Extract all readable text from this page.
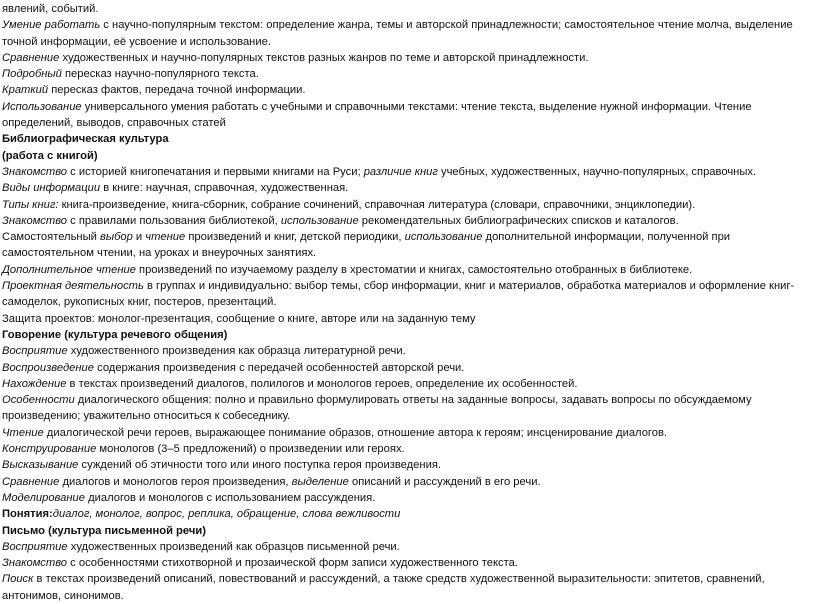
явлений, событий.

Умение работать с научно-популярным текстом: определение жанра, темы и авторской принадлежности; самостоятельное чтение молча, выделение точной информации, её усвоение и использование.

Сравнение художественных и научно-популярных текстов разных жанров по теме и авторской принадлежности.

Подробный пересказ научно-популярного текста.

Краткий пересказ фактов, передача точной информации.

Использование универсального умения работать с учебными и справочными текстами: чтение текста, выделение нужной информации. Чтение определений, выводов, справочных статей

Библиографическая культура

(работа с книгой)

Знакомство с историей книгопечатания и первыми книгами на Руси; различие книг учебных, художественных, научно-популярных, справочных.

Виды информации в книге: научная, справочная, художественная.

Типы книг: книга-произведение, книга-сборник, собрание сочинений, справочная литература (словари, справочники, энциклопедии).

Знакомство с правилами пользования библиотекой, использование рекомендательных библиографических списков и каталогов.

Самостоятельный выбор и чтение произведений и книг, детской периодики, использование дополнительной информации, полученной при самостоятельном чтении, на уроках и внеурочных занятиях.

Дополнительное чтение произведений по изучаемому разделу в хрестоматии и книгах, самостоятельно отобранных в библиотеке.

Проектная деятельность в группах и индивидуально: выбор темы, сбор информации, книг и материалов, обработка материалов и оформление книг-самоделок, рукописных книг, постеров, презентаций.

Защита проектов: монолог-презентация, сообщение о книге, авторе или на заданную тему

Говорение (культура речевого общения)

Восприятие художественного произведения как образца литературной речи.

Воспроизведение содержания произведения с передачей особенностей авторской речи.

Нахождение в текстах произведений диалогов, полилогов и монологов героев, определение их особенностей.

Особенности диалогического общения: полно и правильно формулировать ответы на заданные вопросы, задавать вопросы по обсуждаемому произведению; уважительно относиться к собеседнику.

Чтение диалогической речи героев, выражающее понимание образов, отношение автора к героям; инсценирование диалогов.

Конструирование монологов (3–5 предложений) о произведении или героях.

Высказывание суждений об этичности того или иного поступка героя произведения.

Сравнение диалогов и монологов героя произведения, выделение описаний и рассуждений в его речи.

Моделирование диалогов и монологов с использованием рассуждения.

Понятия:диалог, монолог, вопрос, реплика, обращение, слова вежливости

Письмо (культура письменной речи)

Восприятие художественных произведений как образцов письменной речи.

Знакомство с особенностями стихотворной и прозаической форм записи художественного текста.

Поиск в текстах произведений описаний, повествований и рассуждений, а также средств художественной выразительности: эпитетов, сравнений, антонимов, синонимов.
